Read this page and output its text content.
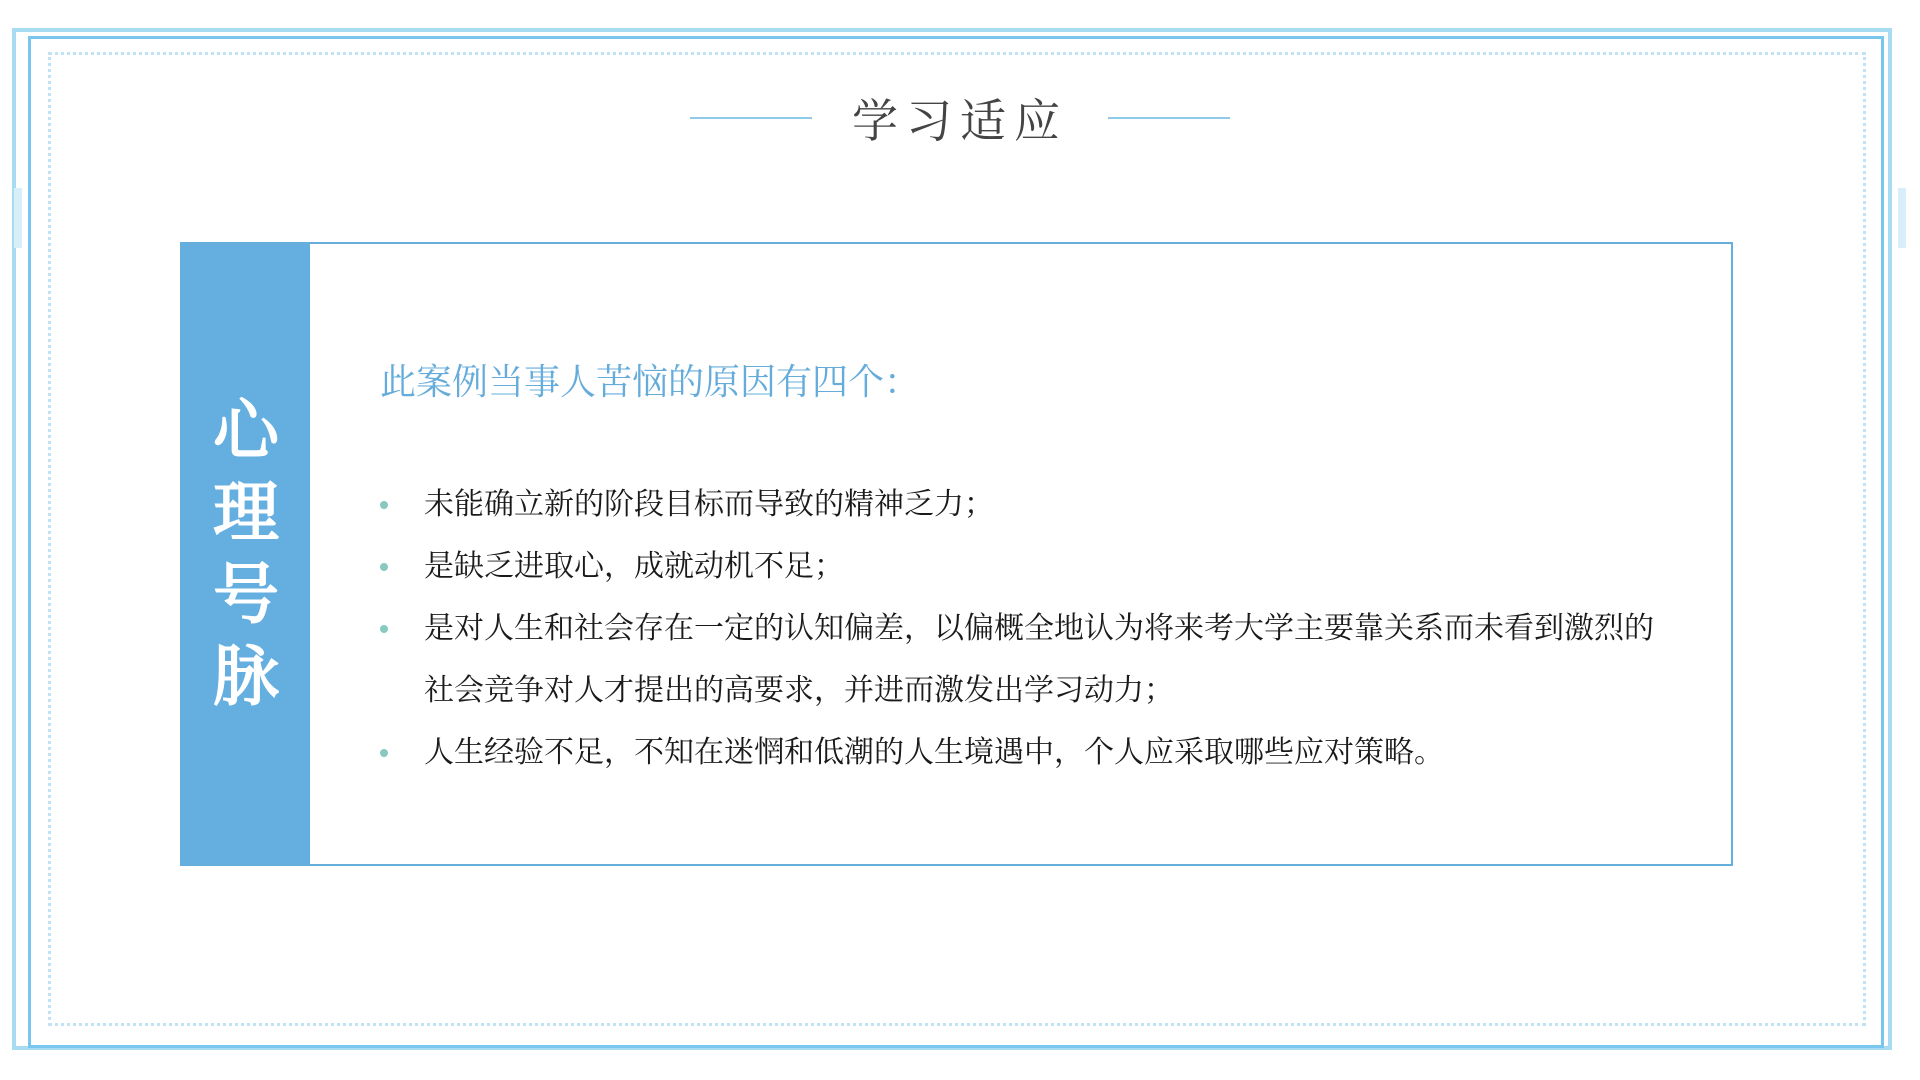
学习适应
心理号脉
此案例当事人苦恼的原因有四个：
未能确立新的阶段目标而导致的精神乏力；
是缺乏进取心，成就动机不足；
是对人生和社会存在一定的认知偏差，以偏概全地认为将来考大学主要靠关系而未看到激烈的社会竞争对人才提出的高要求，并进而激发出学习动力；
人生经验不足，不知在迷惘和低潮的人生境遇中，个人应采取哪些应对策略。
